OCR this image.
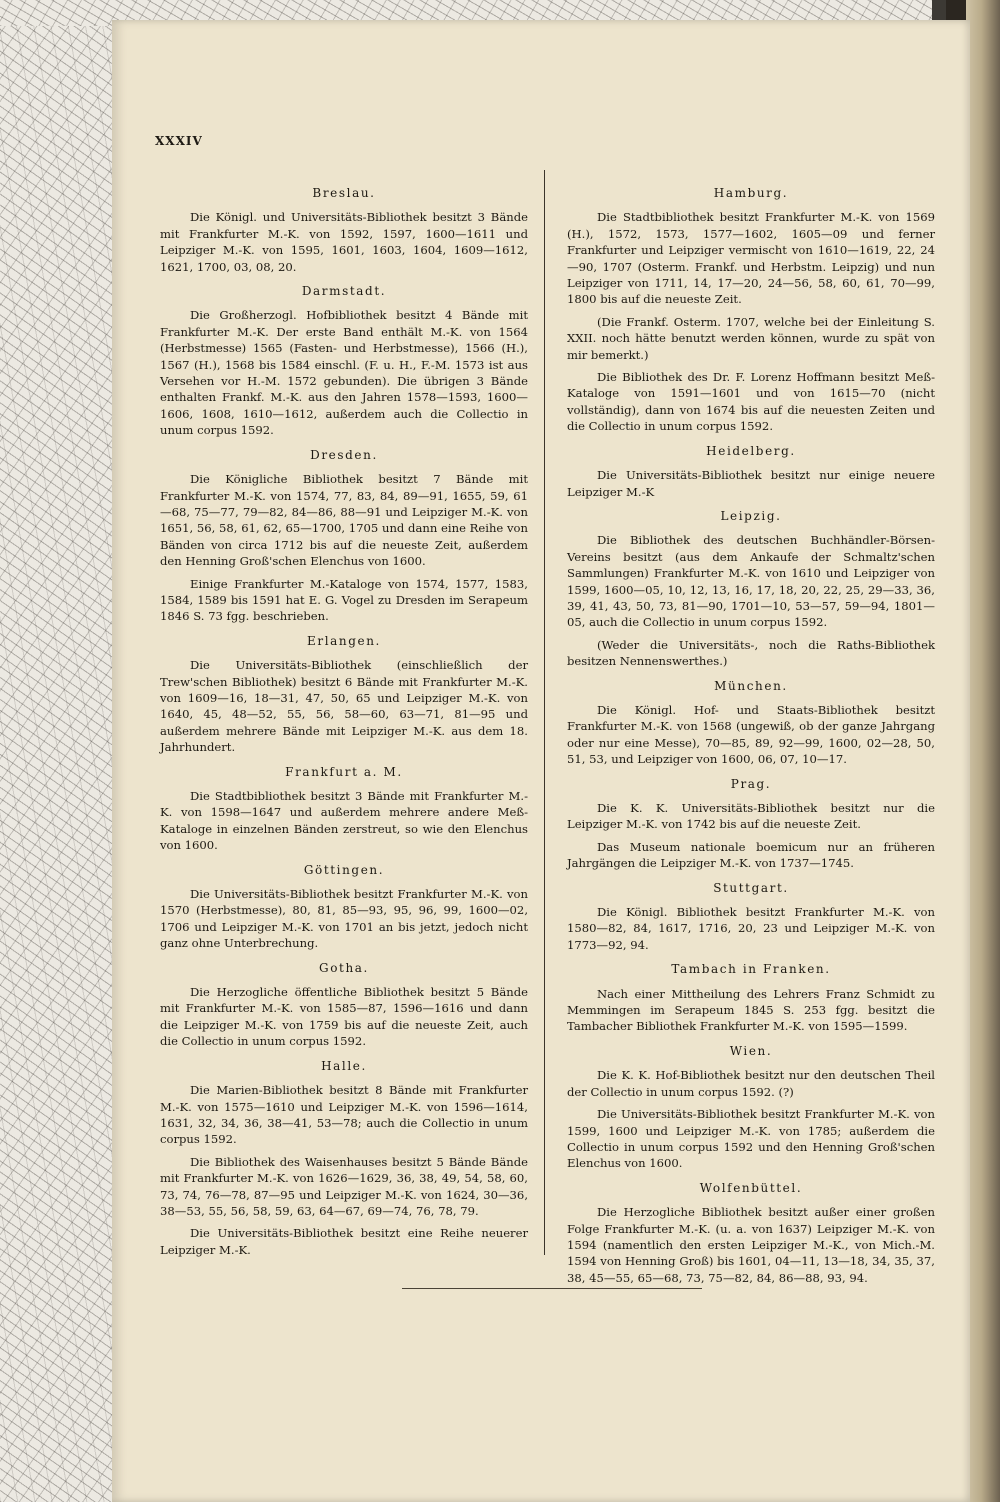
XXXIV
Breslau.
Die Königl. und Universitäts-Bibliothek besitzt 3 Bände mit Frankfurter M.-K. von 1592, 1597, 1600—1611 und Leipziger M.-K. von 1595, 1601, 1603, 1604, 1609—1612, 1621, 1700, 03, 08, 20.
Darmstadt.
Die Großherzogl. Hofbibliothek besitzt 4 Bände mit Frankfurter M.-K. Der erste Band enthält M.-K. von 1564 (Herbstmesse) 1565 (Fasten- und Herbstmesse), 1566 (H.), 1567 (H.), 1568 bis 1584 einschl. (F. u. H., F.-M. 1573 ist aus Versehen vor H.-M. 1572 gebunden). Die übrigen 3 Bände enthalten Frankf. M.-K. aus den Jahren 1578—1593, 1600—1606, 1608, 1610—1612, außerdem auch die Collectio in unum corpus 1592.
Dresden.
Die Königliche Bibliothek besitzt 7 Bände mit Frankfurter M.-K. von 1574, 77, 83, 84, 89—91, 1655, 59, 61—68, 75—77, 79—82, 84—86, 88—91 und Leipziger M.-K. von 1651, 56, 58, 61, 62, 65—1700, 1705 und dann eine Reihe von Bänden von circa 1712 bis auf die neueste Zeit, außerdem den Henning Groß'schen Elenchus von 1600.
Einige Frankfurter M.-Kataloge von 1574, 1577, 1583, 1584, 1589 bis 1591 hat E. G. Vogel zu Dresden im Serapeum 1846 S. 73 fgg. beschrieben.
Erlangen.
Die Universitäts-Bibliothek (einschließlich der Trew'schen Bibliothek) besitzt 6 Bände mit Frankfurter M.-K. von 1609—16, 18—31, 47, 50, 65 und Leipziger M.-K. von 1640, 45, 48—52, 55, 56, 58—60, 63—71, 81—95 und außerdem mehrere Bände mit Leipziger M.-K. aus dem 18. Jahrhundert.
Frankfurt a. M.
Die Stadtbibliothek besitzt 3 Bände mit Frankfurter M.-K. von 1598—1647 und außerdem mehrere andere Meß-Kataloge in einzelnen Bänden zerstreut, so wie den Elenchus von 1600.
Göttingen.
Die Universitäts-Bibliothek besitzt Frankfurter M.-K. von 1570 (Herbstmesse), 80, 81, 85—93, 95, 96, 99, 1600—02, 1706 und Leipziger M.-K. von 1701 an bis jetzt, jedoch nicht ganz ohne Unterbrechung.
Gotha.
Die Herzogliche öffentliche Bibliothek besitzt 5 Bände mit Frankfurter M.-K. von 1585—87, 1596—1616 und dann die Leipziger M.-K. von 1759 bis auf die neueste Zeit, auch die Collectio in unum corpus 1592.
Halle.
Die Marien-Bibliothek besitzt 8 Bände mit Frankfurter M.-K. von 1575—1610 und Leipziger M.-K. von 1596—1614, 1631, 32, 34, 36, 38—41, 53—78; auch die Collectio in unum corpus 1592.
Die Bibliothek des Waisenhauses besitzt 5 Bände Bände mit Frankfurter M.-K. von 1626—1629, 36, 38, 49, 54, 58, 60, 73, 74, 76—78, 87—95 und Leipziger M.-K. von 1624, 30—36, 38—53, 55, 56, 58, 59, 63, 64—67, 69—74, 76, 78, 79.
Die Universitäts-Bibliothek besitzt eine Reihe neuerer Leipziger M.-K.
Hamburg.
Die Stadtbibliothek besitzt Frankfurter M.-K. von 1569 (H.), 1572, 1573, 1577—1602, 1605—09 und ferner Frankfurter und Leipziger vermischt von 1610—1619, 22, 24—90, 1707 (Osterm. Frankf. und Herbstm. Leipzig) und nun Leipziger von 1711, 14, 17—20, 24—56, 58, 60, 61, 70—99, 1800 bis auf die neueste Zeit.
(Die Frankf. Osterm. 1707, welche bei der Einleitung S. XXII. noch hätte benutzt werden können, wurde zu spät von mir bemerkt.)
Die Bibliothek des Dr. F. Lorenz Hoffmann besitzt Meß-Kataloge von 1591—1601 und von 1615—70 (nicht vollständig), dann von 1674 bis auf die neuesten Zeiten und die Collectio in unum corpus 1592.
Heidelberg.
Die Universitäts-Bibliothek besitzt nur einige neuere Leipziger M.-K
Leipzig.
Die Bibliothek des deutschen Buchhändler-Börsen-Vereins besitzt (aus dem Ankaufe der Schmaltz'schen Sammlungen) Frankfurter M.-K. von 1610 und Leipziger von 1599, 1600—05, 10, 12, 13, 16, 17, 18, 20, 22, 25, 29—33, 36, 39, 41, 43, 50, 73, 81—90, 1701—10, 53—57, 59—94, 1801—05, auch die Collectio in unum corpus 1592.
(Weder die Universitäts-, noch die Raths-Bibliothek besitzen Nennenswerthes.)
München.
Die Königl. Hof- und Staats-Bibliothek besitzt Frankfurter M.-K. von 1568 (ungewiß, ob der ganze Jahrgang oder nur eine Messe), 70—85, 89, 92—99, 1600, 02—28, 50, 51, 53, und Leipziger von 1600, 06, 07, 10—17.
Prag.
Die K. K. Universitäts-Bibliothek besitzt nur die Leipziger M.-K. von 1742 bis auf die neueste Zeit.
Das Museum nationale boemicum nur an früheren Jahrgängen die Leipziger M.-K. von 1737—1745.
Stuttgart.
Die Königl. Bibliothek besitzt Frankfurter M.-K. von 1580—82, 84, 1617, 1716, 20, 23 und Leipziger M.-K. von 1773—92, 94.
Tambach in Franken.
Nach einer Mittheilung des Lehrers Franz Schmidt zu Memmingen im Serapeum 1845 S. 253 fgg. besitzt die Tambacher Bibliothek Frankfurter M.-K. von 1595—1599.
Wien.
Die K. K. Hof-Bibliothek besitzt nur den deutschen Theil der Collectio in unum corpus 1592. (?)
Die Universitäts-Bibliothek besitzt Frankfurter M.-K. von 1599, 1600 und Leipziger M.-K. von 1785; außerdem die Collectio in unum corpus 1592 und den Henning Groß'schen Elenchus von 1600.
Wolfenbüttel.
Die Herzogliche Bibliothek besitzt außer einer großen Folge Frankfurter M.-K. (u. a. von 1637) Leipziger M.-K. von 1594 (namentlich den ersten Leipziger M.-K., von Mich.-M. 1594 von Henning Groß) bis 1601, 04—11, 13—18, 34, 35, 37, 38, 45—55, 65—68, 73, 75—82, 84, 86—88, 93, 94.
